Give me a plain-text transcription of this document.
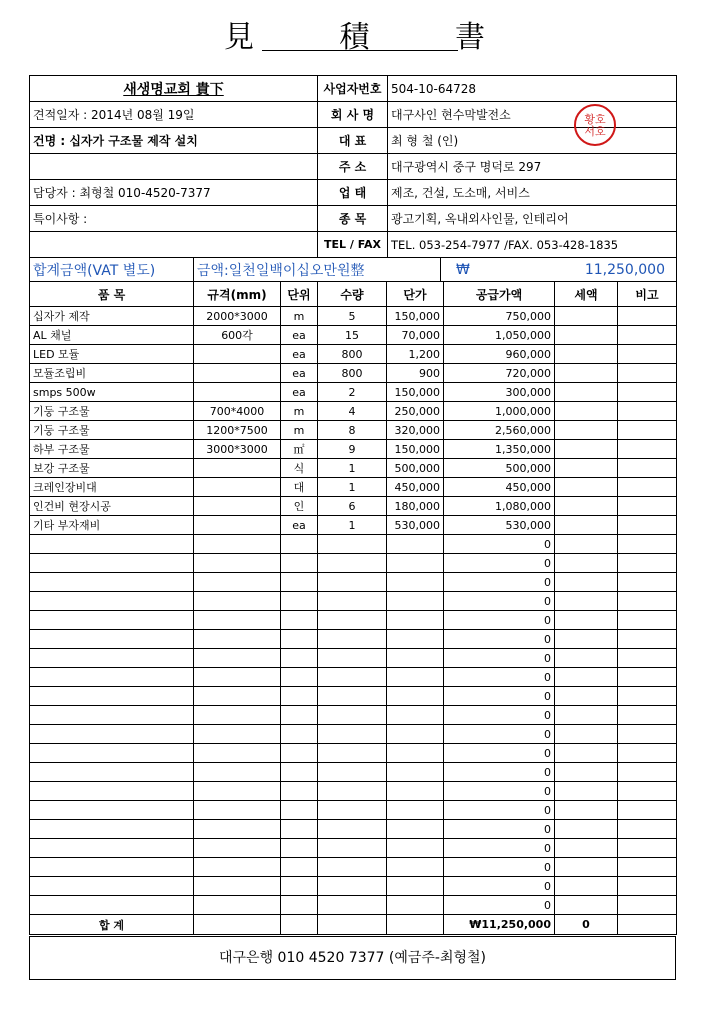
見 積 書
새생명교회 貴下	사업자번호	504-10-64728
견적일자 : 2014년 08월 19일	회 사 명	대구사인 현수막발전소
건명 : 십자가 구조물 제작 설치	대 표	최 형 철 (인)
	주 소	대구광역시 중구 명덕로 297
담당자 : 최형철 010-4520-7377	업 태	제조, 건설, 도소매, 서비스
특이사항 :	종 목	광고기획, 옥내외사인물, 인테리어
	TEL / FAX	TEL. 053-254-7977 /FAX. 053-428-1835
황호
서호
합계금액(VAT 별도)	금액:일천일백이십오만원整	₩	11,250,000
품 목	규격(mm)	단위	수량	단가	공급가액	세액	비고
십자가 제작	2000*3000	m	5	150,000	750,000		
AL 채널	600각	ea	15	70,000	1,050,000		
LED 모듈		ea	800	1,200	960,000		
모듈조립비		ea	800	900	720,000		
smps 500w		ea	2	150,000	300,000		
기둥 구조물	700*4000	m	4	250,000	1,000,000		
기둥 구조물	1200*7500	m	8	320,000	2,560,000		
하부 구조물	3000*3000	㎡	9	150,000	1,350,000		
보강 구조물		식	1	500,000	500,000		
크레인장비대		대	1	450,000	450,000		
인건비 현장시공		인	6	180,000	1,080,000		
기타 부자재비		ea	1	530,000	530,000		
					0		
					0		
					0		
					0		
					0		
					0		
					0		
					0		
					0		
					0		
					0		
					0		
					0		
					0		
					0		
					0		
					0		
					0		
					0		
					0		
합 계					₩11,250,000	0	
대구은행 010 4520 7377 (예금주-최형철)
